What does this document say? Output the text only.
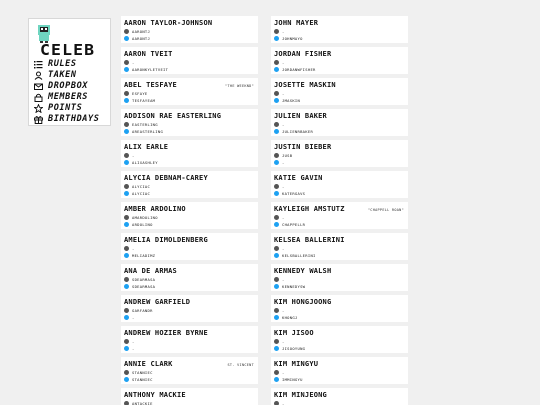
CELEB
RULES
TAKEN
DROPBOX
MEMBERS
POINTS
BIRTHDAYS
AARON TAYLOR-JOHNSON
AARONTJ
AARONTJ
AARON TVEIT
-
AARONKYLETVEIT
ABEL TESFAYE	"THE WEEKND"
ESFAYE
TESFAYEAM
ADDISON RAE EASTERLING
EASTERLING
AREASTERLING
ALIX EARLE
-
ALIXASHLEY
ALYCIA DEBNAM-CAREY
ALYCIAC
ALYCIAC
AMBER ARDOLINO
AMARDOLINO
ARDOLINO
AMELIA DIMOLDENBERG
-
MELIADIMZ
ANA DE ARMAS
SDEARMASA
SDEARMASA
ANDREW GARFIELD
GARFANDR
-
ANDREW HOZIER BYRNE
-
-
ANNIE CLARK	ST. VINCENT
STANNIEC
STANNIEC
ANTHONY MACKIE
ANTACKIE
JOHN MAYER
-
JOHNMAYO
JORDAN FISHER
-
JORDANWFISHER
JOSETTE MASKIN
-
JMASKIN
JULIEN BAKER
-
JULIENRBAKER
JUSTIN BIEBER
JUSB
-
KATIE GAVIN
-
KATERGAVS
KAYLEIGH AMSTUTZ	"CHAPPELL ROAN"
-
CHAPPELLR
KELSEA BALLERINI
-
KELSBALLERINI
KENNEDY WALSH
-
KENNEDYSW
KIM HONGJOONG
-
KHONGJ
KIM JISOO
-
JISOOYUNG
KIM MINGYU
-
IMMINGYU
KIM MINJEONG
-
